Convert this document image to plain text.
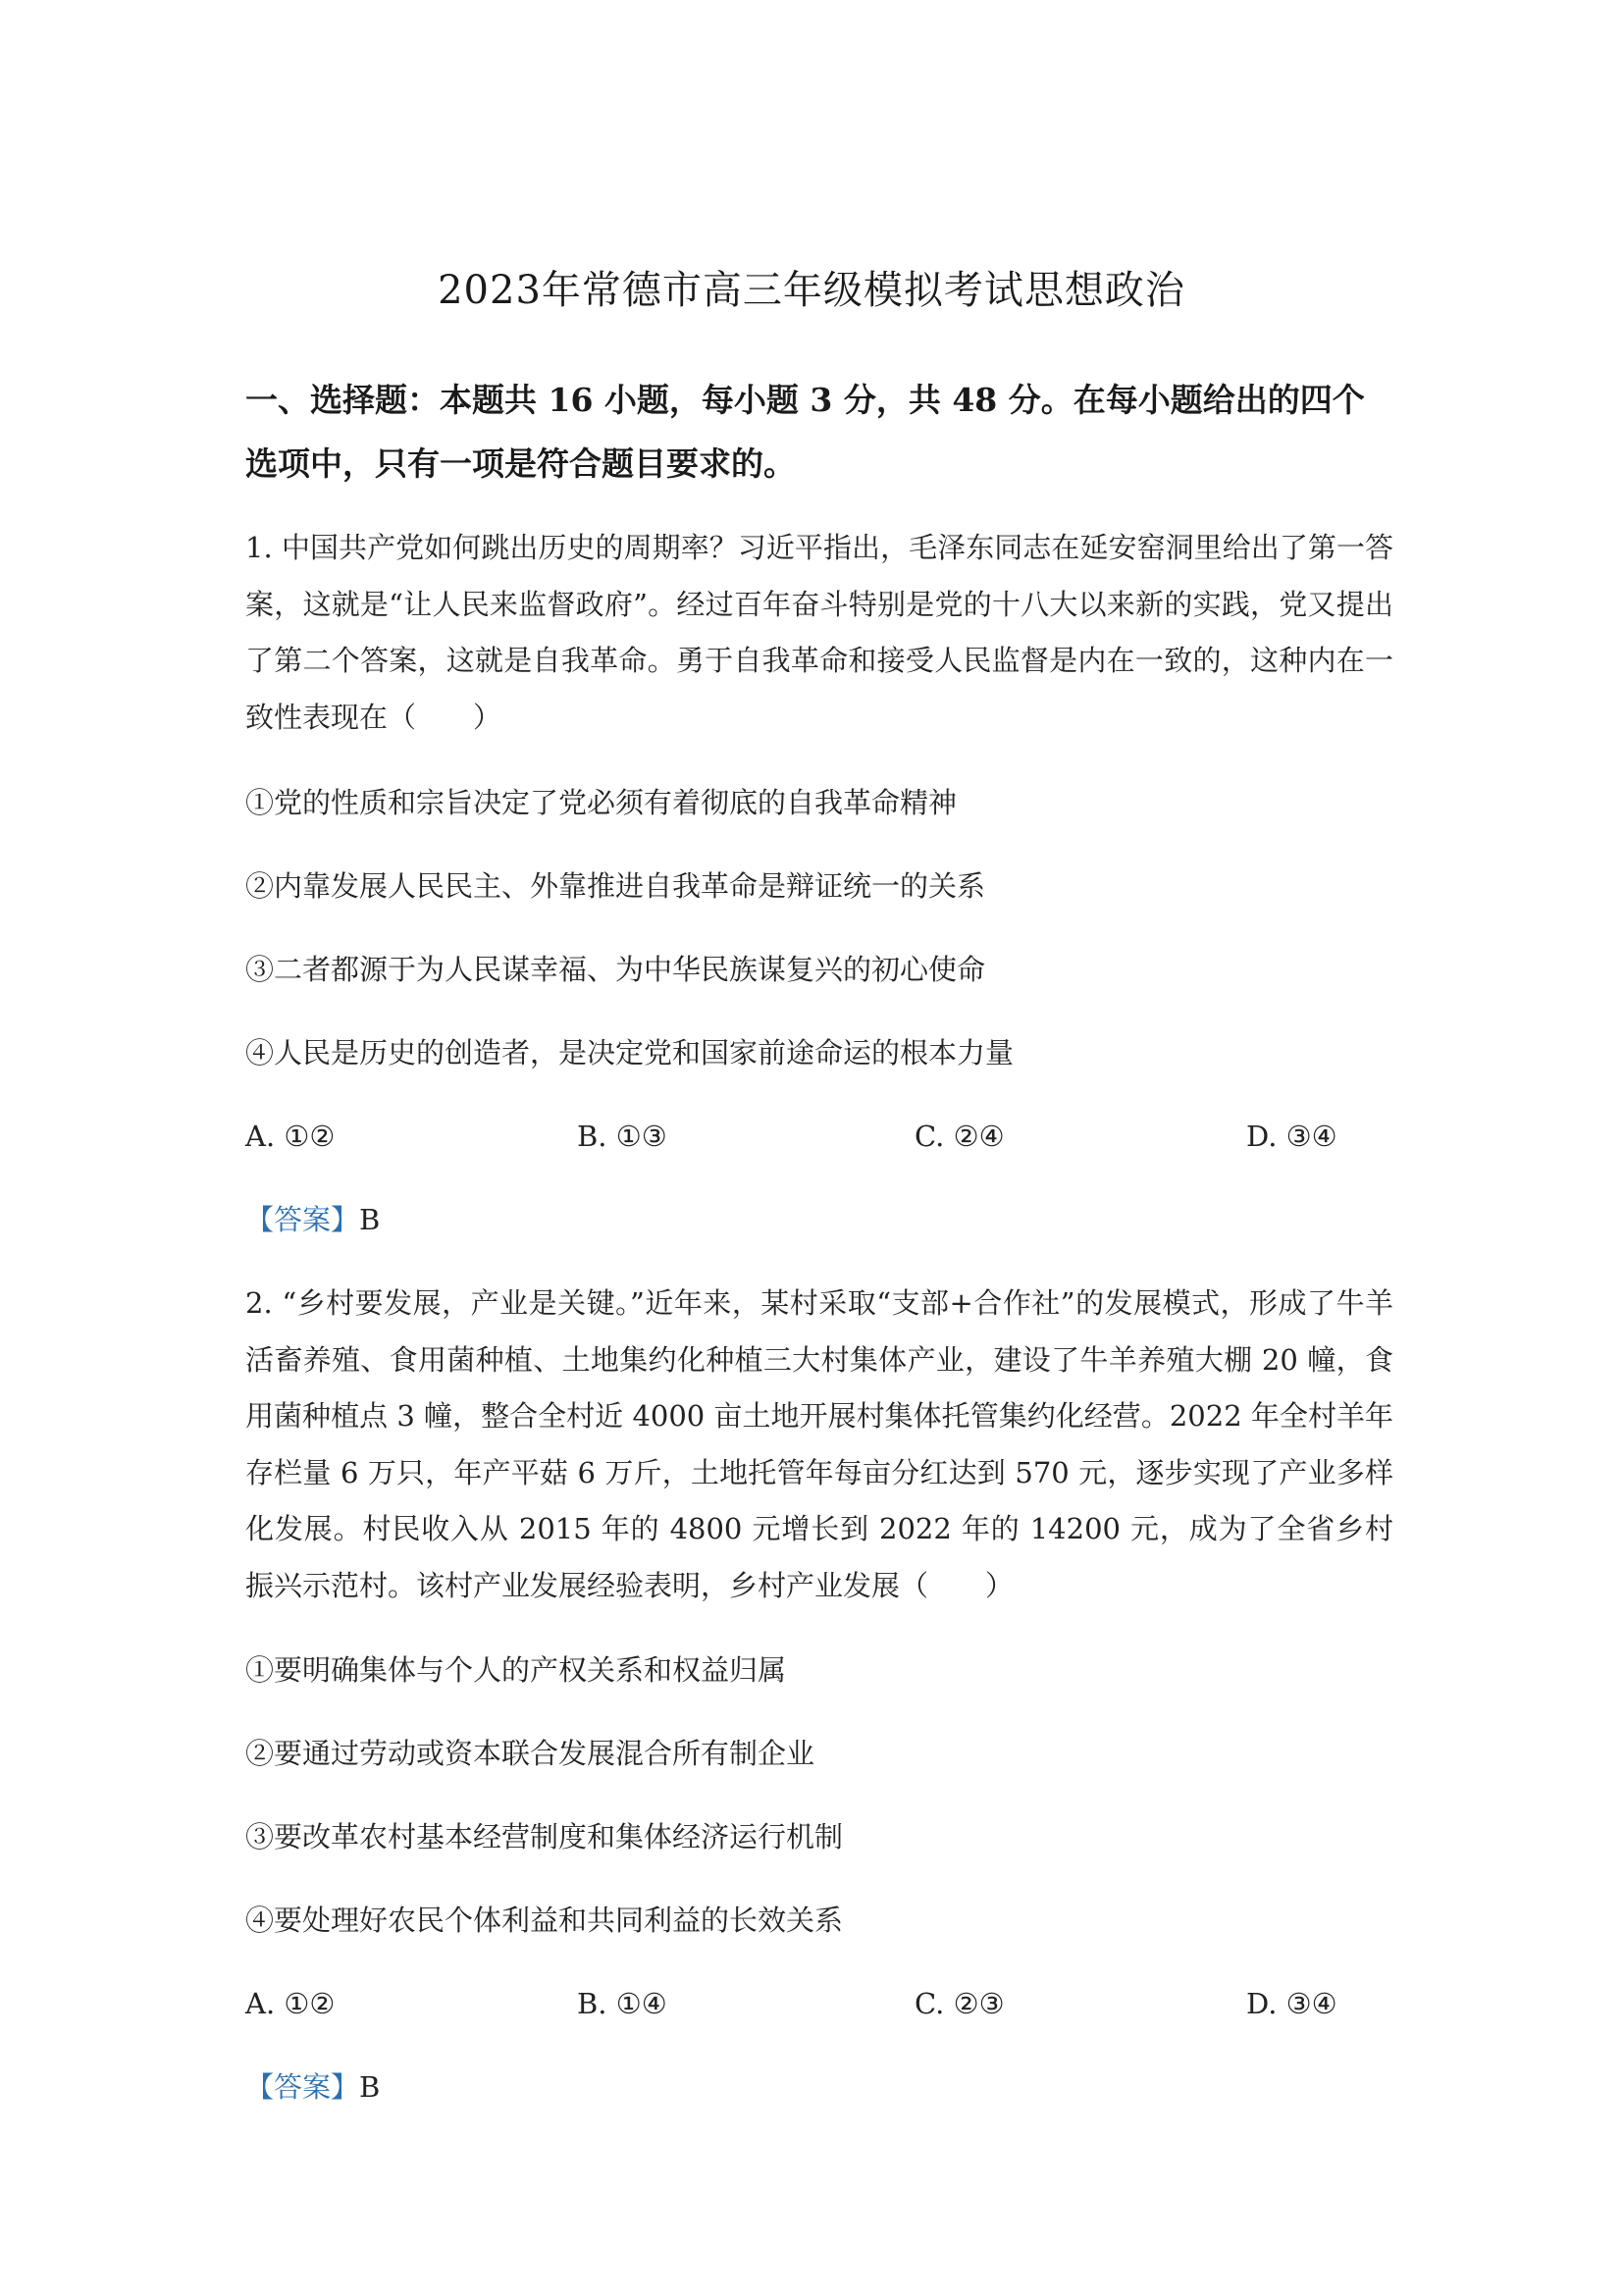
2023年常德市高三年级模拟考试思想政治
一、选择题：本题共 16 小题，每小题 3 分，共 48 分。在每小题给出的四个选项中，只有一项是符合题目要求的。
1. 中国共产党如何跳出历史的周期率？习近平指出，毛泽东同志在延安窑洞里给出了第一答案，这就是“让人民来监督政府”。经过百年奋斗特别是党的十八大以来新的实践，党又提出了第二个答案，这就是自我革命。勇于自我革命和接受人民监督是内在一致的，这种内在一致性表现在（　　）
①党的性质和宗旨决定了党必须有着彻底的自我革命精神
②内靠发展人民民主、外靠推进自我革命是辩证统一的关系
③二者都源于为人民谋幸福、为中华民族谋复兴的初心使命
④人民是历史的创造者，是决定党和国家前途命运的根本力量
A. ①②	B. ①③	C. ②④	D. ③④
【答案】B
2. “乡村要发展，产业是关键。”近年来，某村采取“支部+合作社”的发展模式，形成了牛羊活畜养殖、食用菌种植、土地集约化种植三大村集体产业，建设了牛羊养殖大棚 20 幢，食用菌种植点 3 幢，整合全村近 4000 亩土地开展村集体托管集约化经营。2022 年全村羊年存栏量 6 万只，年产平菇 6 万斤，土地托管年每亩分红达到 570 元，逐步实现了产业多样化发展。村民收入从 2015 年的 4800 元增长到 2022 年的 14200 元，成为了全省乡村振兴示范村。该村产业发展经验表明，乡村产业发展（　　）
①要明确集体与个人的产权关系和权益归属
②要通过劳动或资本联合发展混合所有制企业
③要改革农村基本经营制度和集体经济运行机制
④要处理好农民个体利益和共同利益的长效关系
A. ①②	B. ①④	C. ②③	D. ③④
【答案】B
